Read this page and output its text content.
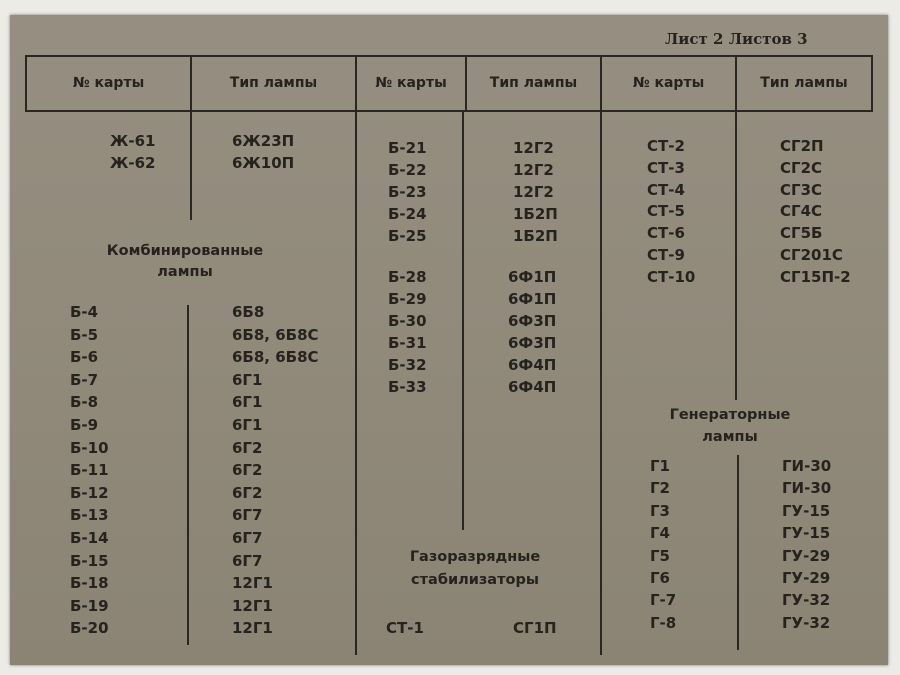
Лист 2 Листов 3
№ карты	Тип лампы	№ карты	Тип лампы	№ карты	Тип лампы
Ж-61	6Ж23П
Ж-62	6Ж10П
Комбинированные
лампы
Б-4	6Б8
Б-5	6Б8, 6Б8С
Б-6	6Б8, 6Б8С
Б-7	6Г1
Б-8	6Г1
Б-9	6Г1
Б-10	6Г2
Б-11	6Г2
Б-12	6Г2
Б-13	6Г7
Б-14	6Г7
Б-15	6Г7
Б-18	12Г1
Б-19	12Г1
Б-20	12Г1
Б-21	12Г2
Б-22	12Г2
Б-23	12Г2
Б-24	1Б2П
Б-25	1Б2П
Б-28	6Ф1П
Б-29	6Ф1П
Б-30	6Ф3П
Б-31	6Ф3П
Б-32	6Ф4П
Б-33	6Ф4П
Газоразрядные
стабилизаторы
СТ-1	СГ1П
СТ-2	СГ2П
СТ-3	СГ2С
СТ-4	СГ3С
СТ-5	СГ4С
СТ-6	СГ5Б
СТ-9	СГ201С
СТ-10	СГ15П-2
Генераторные
лампы
Г1	ГИ-30
Г2	ГИ-30
Г3	ГУ-15
Г4	ГУ-15
Г5	ГУ-29
Г6	ГУ-29
Г-7	ГУ-32
Г-8	ГУ-32
